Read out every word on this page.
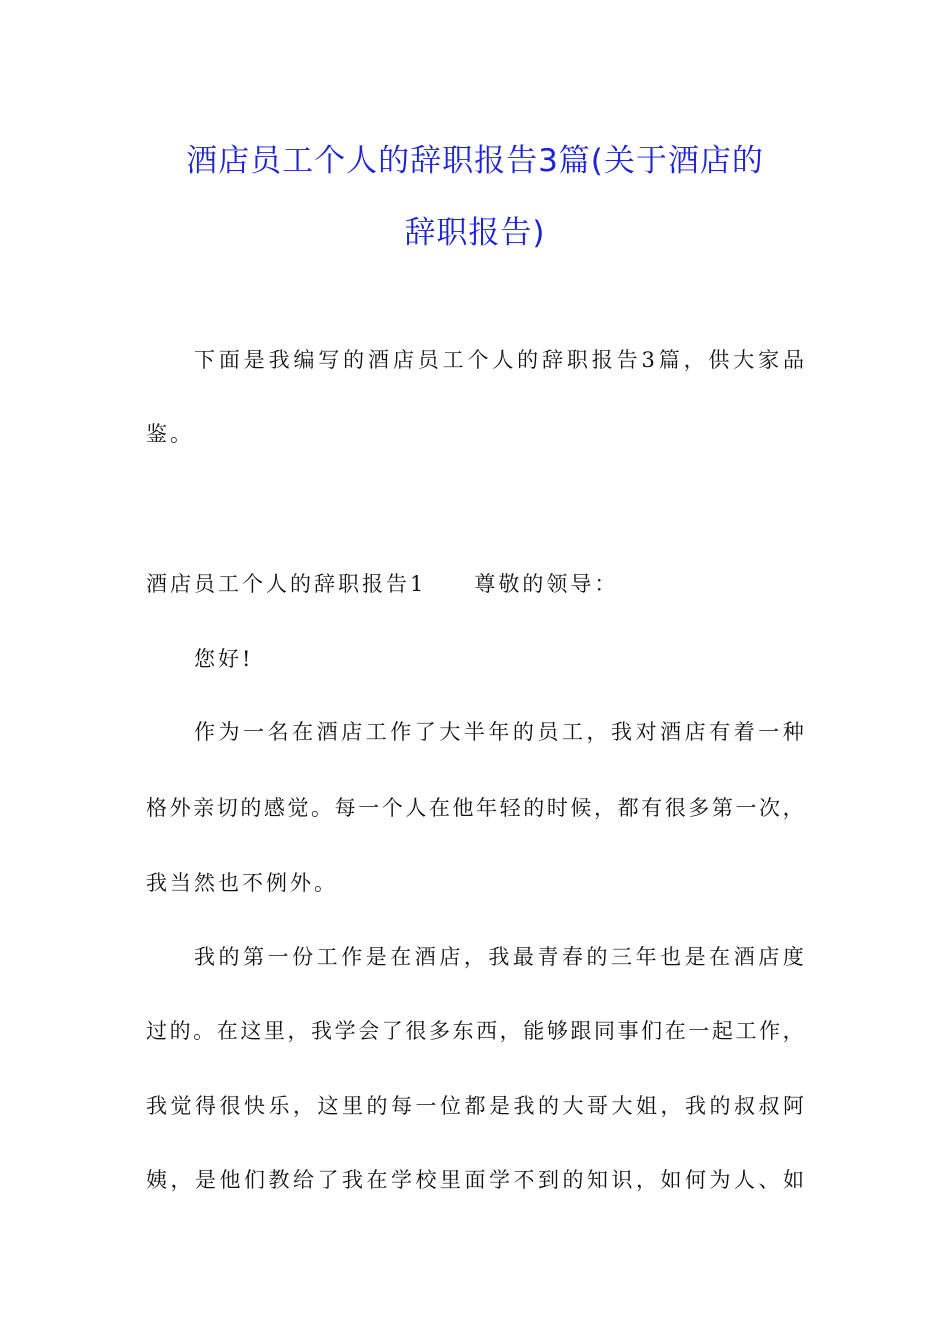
酒店员工个人的辞职报告3篇(关于酒店的
辞职报告)
下 面 是 我 编 写 的 酒 店 员 工 个 人 的 辞 职 报 告 3 篇 ， 供 大 家 品
鉴。
酒店员工个人的辞职报告1 尊敬的领导：
您好!
作 为 一 名 在 酒 店 工 作 了 大 半 年 的 员 工 ， 我 对 酒 店 有 着 一 种
格 外 亲 切 的 感 觉 。 每 一 个 人 在 他 年 轻 的 时 候 ， 都 有 很 多 第 一 次 ，
我当然也不例外。
我 的 第 一 份 工 作 是 在 酒 店 ， 我 最 青 春 的 三 年 也 是 在 酒 店 度
过 的 。 在 这 里 ， 我 学 会 了 很 多 东 西 ， 能 够 跟 同 事 们 在 一 起 工 作 ，
我 觉 得 很 快 乐 ， 这 里 的 每 一 位 都 是 我 的 大 哥 大 姐 ， 我 的 叔 叔 阿
姨 ， 是 他 们 教 给 了 我 在 学 校 里 面 学 不 到 的 知 识 ， 如 何 为 人 、 如
